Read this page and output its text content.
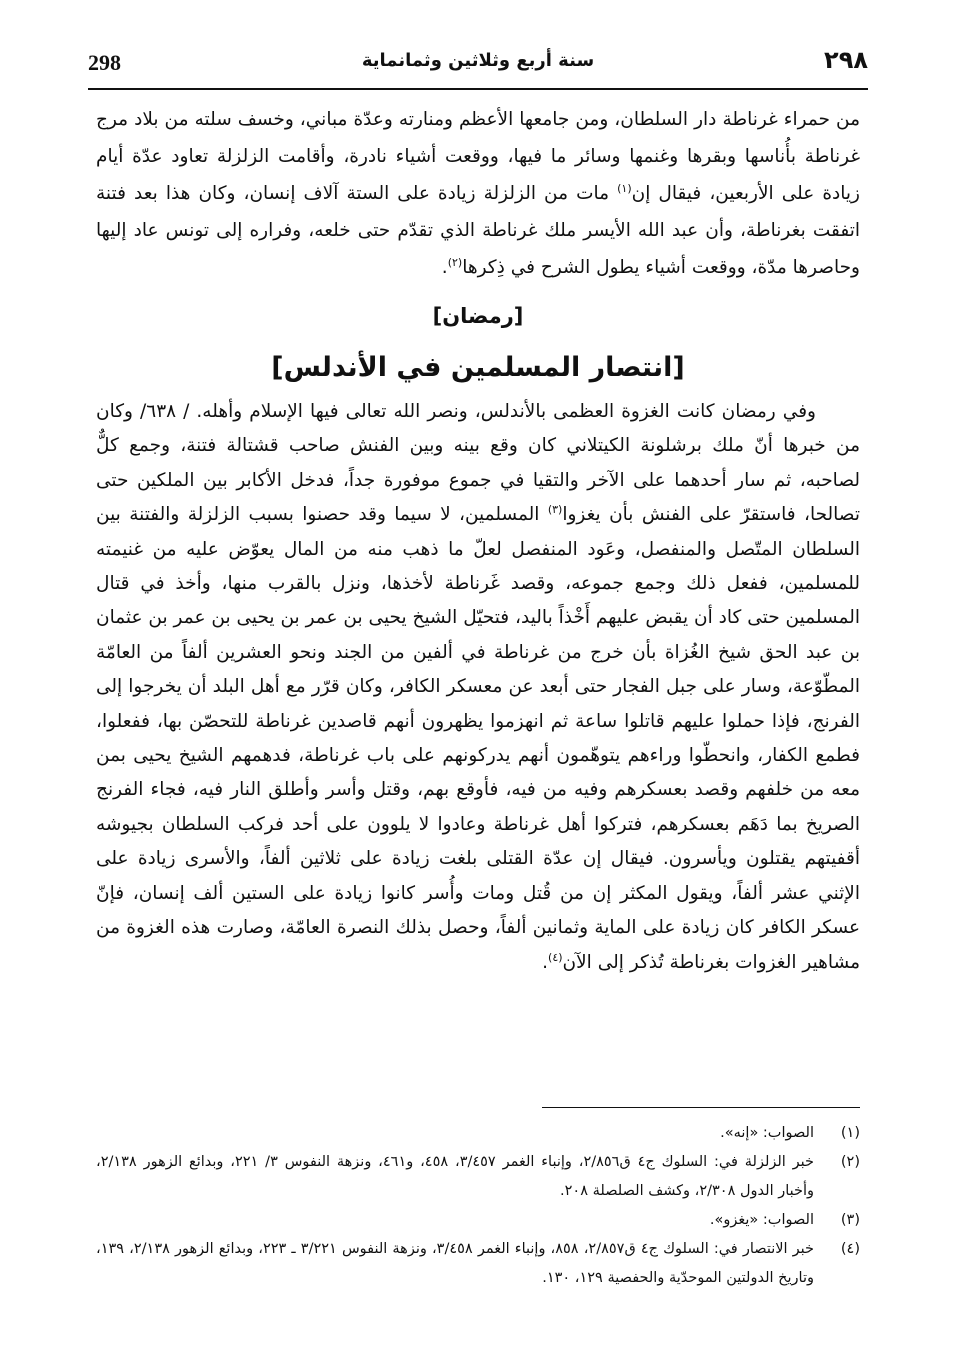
298	سنة أربع وثلاثين وثمانماية	٢٩٨

من حمراء غرناطة دار السلطان، ومن جامعها الأعظم ومنارته وعدّة مباني، وخسف سلته من بلاد مرج غرناطة بأُناسها وبقرها وغنمها وسائر ما فيها، ووقعت أشياء نادرة، وأقامت الزلزلة تعاود عدّة أيام زيادة على الأربعين، فيقال إن$^{(١)}$ مات من الزلزلة زيادة على الستة آلاف إنسان، وكان هذا بعد فتنة اتفقت بغرناطة، وأن عبد الله الأيسر ملك غرناطة الذي تقدّم حتى خلعه، وفراره إلى تونس عاد إليها وحاصرها مدّة، ووقعت أشياء يطول الشرح في ذِكرها$^{(٢)}$.

[رمضان]
[انتصار المسلمين في الأندلس]

وفي رمضان كانت الغزوة العظمى بالأندلس، ونصر الله تعالى فيها الإسلام وأهله. / ٦٣٨/ وكان من خبرها أنّ ملك برشلونة الكيتلاني كان وقع بينه وبين الفنش صاحب قشتالة فتنة، وجمع كلٌّ لصاحبه، ثم سار أحدهما على الآخر والتقيا في جموع موفورة جداً، فدخل الأكابر بين الملكين حتى تصالحا، فاستقرّ على الفنش بأن يغزوا$^{(٣)}$ المسلمين، لا سيما وقد حصنوا بسبب الزلزلة والفتنة بين السلطان المتّصل والمنفصل، وعَود المنفصل لعلّ ما ذهب منه من المال يعوّض عليه من غنيمته للمسلمين، ففعل ذلك وجمع جموعه، وقصد غَرناطة لأخذها، ونزل بالقرب منها، وأخذ في قتال المسلمين حتى كاد أن يقبض عليهم أَخْذاً باليد، فتحيّل الشيخ يحيى بن عمر بن يحيى بن عمر بن عثمان بن عبد الحق شيخ الغُزاة بأن خرج من غرناطة في ألفين من الجند ونحو العشرين ألفاً من العامّة المطّوّعة، وسار على جبل الفجار حتى أبعد عن معسكر الكافر، وكان قرّر مع أهل البلد أن يخرجوا إلى الفرنج، فإذا حملوا عليهم قاتلوا ساعة ثم انهزموا يظهرون أنهم قاصدين غرناطة للتحصّن بها، ففعلوا، فطمع الكفار، وانحطّوا وراءهم يتوهّمون أنهم يدركونهم على باب غرناطة، فدهمهم الشيخ يحيى بمن معه من خلفهم وقصد بعسكرهم وفيه من فيه، فأوقع بهم، وقتل وأسر وأطلق النار فيه، فجاء الفرنج الصريخ بما دَهَم بعسكرهم، فتركوا أهل غرناطة وعادوا لا يلوون على أحد فركب السلطان بجيوشه أقفيتهم يقتلون ويأسرون. فيقال إن عدّة القتلى بلغت زيادة على ثلاثين ألفاً، والأسرى زيادة على الإثني عشر ألفاً، ويقول المكثر إن من قُتل ومات وأُسر كانوا زيادة على الستين ألف إنسان، فإنّ عسكر الكافر كان زيادة على الماية وثمانين ألفاً، وحصل بذلك النصرة العامّة، وصارت هذه الغزوة من مشاهير الغزوات بغرناطة تُذكر إلى الآن$^{(٤)}$.

(١)
الصواب: «إنه».
(٢)
خبر الزلزلة في: السلوك ج٤ ق٢/٨٥٦، وإنباء الغمر ٣/٤٥٧، ٤٥٨، و٤٦١، ونزهة النفوس ٣/ ٢٢١، وبدائع الزهور ٢/١٣٨، وأخبار الدول ٢/٣٠٨، وكشف الصلصلة ٢٠٨.
(٣)
الصواب: «يغزو».
(٤)
خبر الانتصار في: السلوك ج٤ ق٢/٨٥٧، ٨٥٨، وإنباء الغمر ٣/٤٥٨، ونزهة النفوس ٣/٢٢١ ـ ٢٢٣، وبدائع الزهور ٢/١٣٨، ١٣٩، وتاريخ الدولتين الموحدّية والحفصية ١٢٩، ١٣٠.
